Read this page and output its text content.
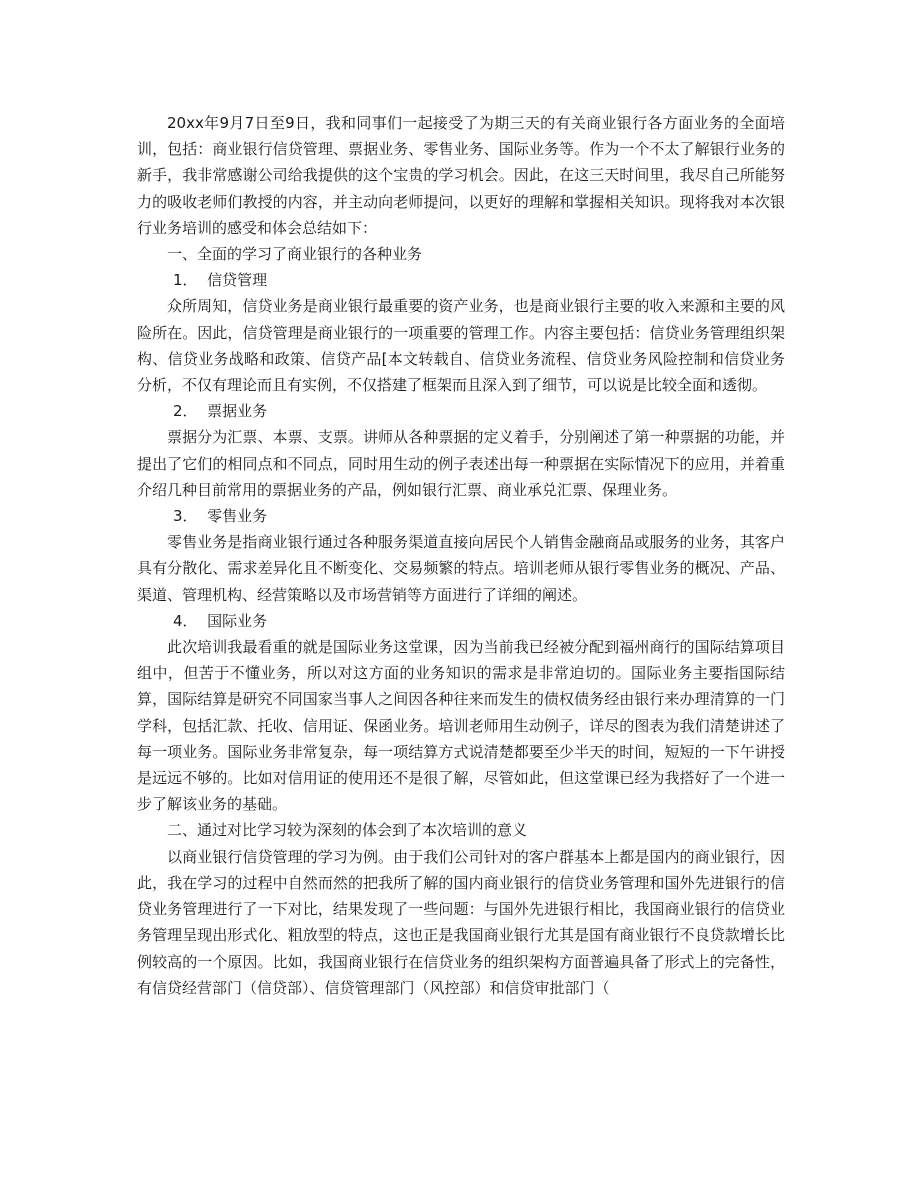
20xx年9月7日至9日，我和同事们一起接受了为期三天的有关商业银行各方面业务的全面培训，包括：商业银行信贷管理、票据业务、零售业务、国际业务等。作为一个不太了解银行业务的新手，我非常感谢公司给我提供的这个宝贵的学习机会。因此，在这三天时间里，我尽自己所能努力的吸收老师们教授的内容，并主动向老师提问，以更好的理解和掌握相关知识。现将我对本次银行业务培训的感受和体会总结如下：

一、全面的学习了商业银行的各种业务

1．  信贷管理

众所周知，信贷业务是商业银行最重要的资产业务，也是商业银行主要的收入来源和主要的风险所在。因此，信贷管理是商业银行的一项重要的管理工作。内容主要包括：信贷业务管理组织架构、信贷业务战略和政策、信贷产品[本文转载自、信贷业务流程、信贷业务风险控制和信贷业务分析，不仅有理论而且有实例，不仅搭建了框架而且深入到了细节，可以说是比较全面和透彻。

2．  票据业务

票据分为汇票、本票、支票。讲师从各种票据的定义着手，分别阐述了第一种票据的功能，并提出了它们的相同点和不同点，同时用生动的例子表述出每一种票据在实际情况下的应用，并着重介绍几种目前常用的票据业务的产品，例如银行汇票、商业承兑汇票、保理业务。

3．  零售业务

零售业务是指商业银行通过各种服务渠道直接向居民个人销售金融商品或服务的业务，其客户具有分散化、需求差异化且不断变化、交易频繁的特点。培训老师从银行零售业务的概况、产品、渠道、管理机构、经营策略以及市场营销等方面进行了详细的阐述。

4．  国际业务

此次培训我最看重的就是国际业务这堂课，因为当前我已经被分配到福州商行的国际结算项目组中，但苦于不懂业务，所以对这方面的业务知识的需求是非常迫切的。国际业务主要指国际结算，国际结算是研究不同国家当事人之间因各种往来而发生的债权债务经由银行来办理清算的一门学科，包括汇款、托收、信用证、保函业务。培训老师用生动例子，详尽的图表为我们清楚讲述了每一项业务。国际业务非常复杂，每一项结算方式说清楚都要至少半天的时间，短短的一下午讲授是远远不够的。比如对信用证的使用还不是很了解，尽管如此，但这堂课已经为我搭好了一个进一步了解该业务的基础。

二、通过对比学习较为深刻的体会到了本次培训的意义

以商业银行信贷管理的学习为例。由于我们公司针对的客户群基本上都是国内的商业银行，因此，我在学习的过程中自然而然的把我所了解的国内商业银行的信贷业务管理和国外先进银行的信贷业务管理进行了一下对比，结果发现了一些问题：与国外先进银行相比，我国商业银行的信贷业务管理呈现出形式化、粗放型的特点，这也正是我国商业银行尤其是国有商业银行不良贷款增长比例较高的一个原因。比如，我国商业银行在信贷业务的组织架构方面普遍具备了形式上的完备性，有信贷经营部门（信贷部）、信贷管理部门（风控部）和信贷审批部门（
